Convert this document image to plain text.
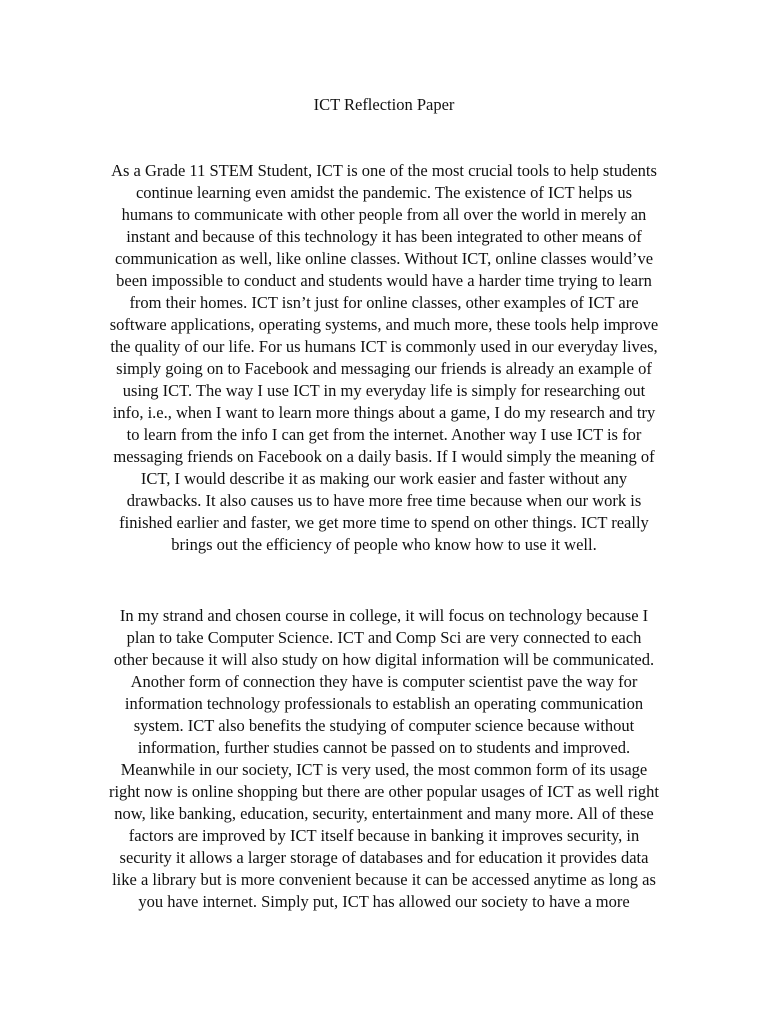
ICT Reflection Paper
As a Grade 11 STEM Student, ICT is one of the most crucial tools to help students
continue learning even amidst the pandemic. The existence of ICT helps us
humans to communicate with other people from all over the world in merely an
instant and because of this technology it has been integrated to other means of
communication as well, like online classes. Without ICT, online classes would’ve
been impossible to conduct and students would have a harder time trying to learn
from their homes. ICT isn’t just for online classes, other examples of ICT are
software applications, operating systems, and much more, these tools help improve
the quality of our life. For us humans ICT is commonly used in our everyday lives,
simply going on to Facebook and messaging our friends is already an example of
using ICT. The way I use ICT in my everyday life is simply for researching out
info, i.e., when I want to learn more things about a game, I do my research and try
to learn from the info I can get from the internet. Another way I use ICT is for
messaging friends on Facebook on a daily basis. If I would simply the meaning of
ICT, I would describe it as making our work easier and faster without any
drawbacks. It also causes us to have more free time because when our work is
finished earlier and faster, we get more time to spend on other things. ICT really
brings out the efficiency of people who know how to use it well.
In my strand and chosen course in college, it will focus on technology because I
plan to take Computer Science. ICT and Comp Sci are very connected to each
other because it will also study on how digital information will be communicated.
Another form of connection they have is computer scientist pave the way for
information technology professionals to establish an operating communication
system. ICT also benefits the studying of computer science because without
information, further studies cannot be passed on to students and improved.
Meanwhile in our society, ICT is very used, the most common form of its usage
right now is online shopping but there are other popular usages of ICT as well right
now, like banking, education, security, entertainment and many more. All of these
factors are improved by ICT itself because in banking it improves security, in
security it allows a larger storage of databases and for education it provides data
like a library but is more convenient because it can be accessed anytime as long as
you have internet. Simply put, ICT has allowed our society to have a more
